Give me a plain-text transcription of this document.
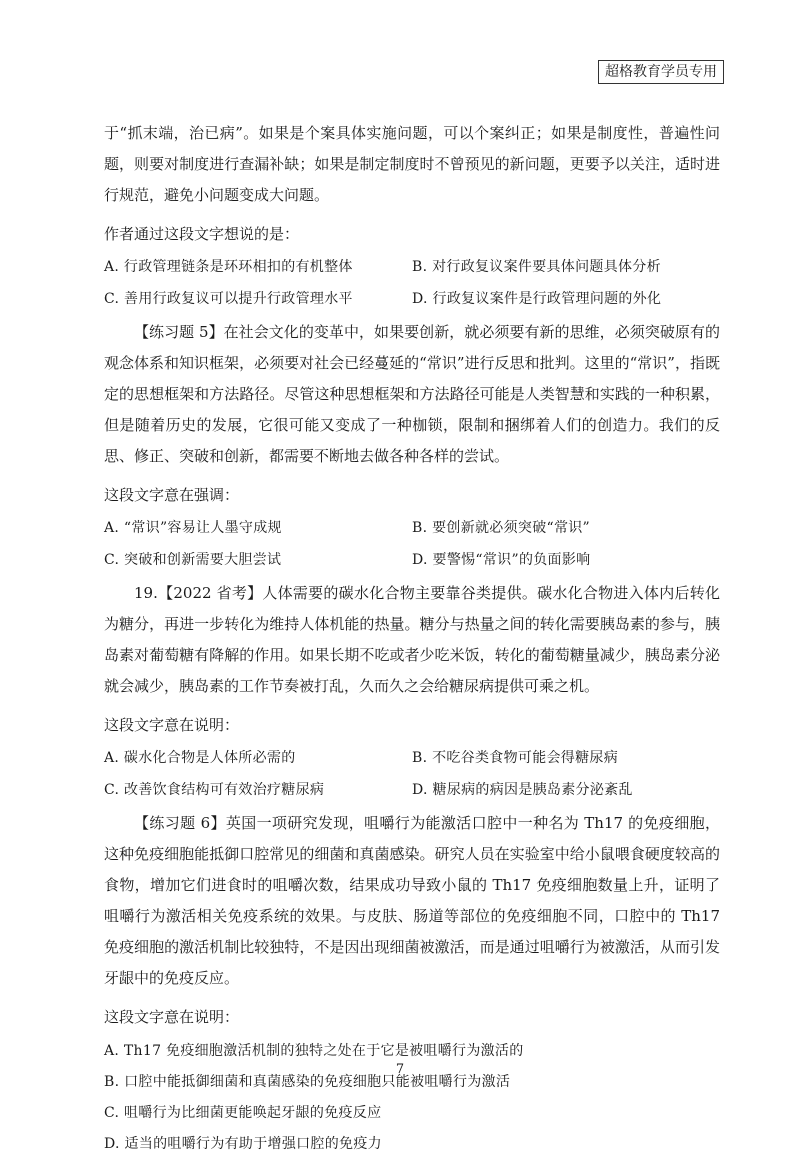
超格教育学员专用

于“抓末端，治已病”。如果是个案具体实施问题，可以个案纠正；如果是制度性，普遍性问题，则要对制度进行查漏补缺；如果是制定制度时不曾预见的新问题，更要予以关注，适时进行规范，避免小问题变成大问题。

作者通过这段文字想说的是：

A. 行政管理链条是环环相扣的有机整体	B. 对行政复议案件要具体问题具体分析
C. 善用行政复议可以提升行政管理水平	D. 行政复议案件是行政管理问题的外化

【练习题 5】在社会文化的变革中，如果要创新，就必须要有新的思维，必须突破原有的观念体系和知识框架，必须要对社会已经蔓延的“常识”进行反思和批判。这里的“常识”，指既定的思想框架和方法路径。尽管这种思想框架和方法路径可能是人类智慧和实践的一种积累，但是随着历史的发展，它很可能又变成了一种枷锁，限制和捆绑着人们的创造力。我们的反思、修正、突破和创新，都需要不断地去做各种各样的尝试。

这段文字意在强调：

A. “常识”容易让人墨守成规	B. 要创新就必须突破“常识”
C. 突破和创新需要大胆尝试	D. 要警惕“常识”的负面影响

19.【2022 省考】人体需要的碳水化合物主要靠谷类提供。碳水化合物进入体内后转化为糖分，再进一步转化为维持人体机能的热量。糖分与热量之间的转化需要胰岛素的参与，胰岛素对葡萄糖有降解的作用。如果长期不吃或者少吃米饭，转化的葡萄糖量减少，胰岛素分泌就会减少，胰岛素的工作节奏被打乱，久而久之会给糖尿病提供可乘之机。

这段文字意在说明：

A. 碳水化合物是人体所必需的	B. 不吃谷类食物可能会得糖尿病
C. 改善饮食结构可有效治疗糖尿病	D. 糖尿病的病因是胰岛素分泌紊乱

【练习题 6】英国一项研究发现，咀嚼行为能激活口腔中一种名为 Th17 的免疫细胞，这种免疫细胞能抵御口腔常见的细菌和真菌感染。研究人员在实验室中给小鼠喂食硬度较高的食物，增加它们进食时的咀嚼次数，结果成功导致小鼠的 Th17 免疫细胞数量上升，证明了咀嚼行为激活相关免疫系统的效果。与皮肤、肠道等部位的免疫细胞不同，口腔中的 Th17 免疫细胞的激活机制比较独特，不是因出现细菌被激活，而是通过咀嚼行为被激活，从而引发牙龈中的免疫反应。

这段文字意在说明：

A. Th17 免疫细胞激活机制的独特之处在于它是被咀嚼行为激活的
B. 口腔中能抵御细菌和真菌感染的免疫细胞只能被咀嚼行为激活
C. 咀嚼行为比细菌更能唤起牙龈的免疫反应
D. 适当的咀嚼行为有助于增强口腔的免疫力
7
